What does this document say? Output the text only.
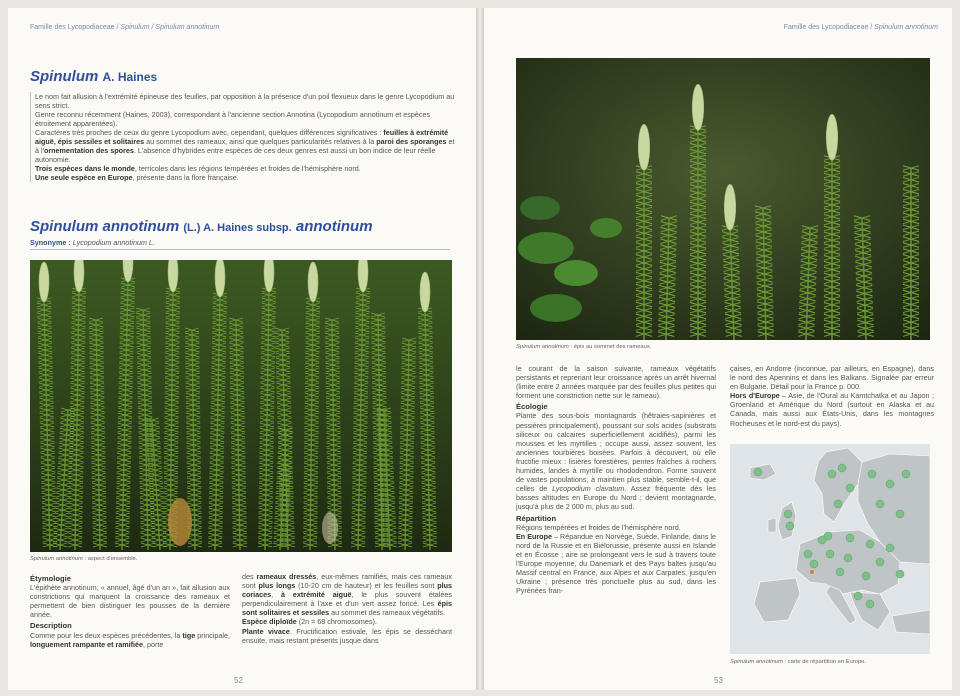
Famille des Lycopodiaceae / Spinulum / Spinulum annotinum
Spinulum A. Haines

Le nom fait allusion à l'extrémité épineuse des feuilles, par opposition à la présence d'un poil flexueux dans le genre Lycopodium au sens strict.

Genre reconnu récemment (Haines, 2003), correspondant à l'ancienne section Annotina (Lycopodium annotinum et espèces étroitement apparentées).

Caractères très proches de ceux du genre Lycopodium avec, cependant, quelques différences significatives : feuilles à extrémité aiguë, épis sessiles et solitaires au sommet des rameaux, ainsi que quelques particularités relatives à la paroi des sporanges et à l'ornementation des spores. L'absence d'hybrides entre espèces de ces deux genres est aussi un bon indice de leur réelle autonomie.

Trois espèces dans le monde, terricoles dans les régions tempérées et froides de l'hémisphère nord.

Une seule espèce en Europe, présente dans la flore française.

Spinulum annotinum (L.) A. Haines subsp. annotinum
Synonyme : Lycopodium annotinum L.
Spinulum annotinum : aspect d'ensemble.
Étymologie

L'épithète annotinum, « annuel, âgé d'un an », fait allusion aux constrictions qui marquent la croissance des rameaux et permettent de bien distinguer les pousses de la dernière année.

Description

Comme pour les deux espèces précédentes, la tige principale, longuement rampante et ramifiée, porte

des rameaux dressés, eux-mêmes ramifiés, mais ces rameaux sont plus longs (10-20 cm de hauteur) et les feuilles sont plus coriaces, à extrémité aiguë, le plus souvent étalées perpendiculairement à l'axe et d'un vert assez foncé. Les épis sont solitaires et sessiles au sommet des rameaux végétatifs.

Espèce diploïde (2n = 68 chromosomes).

Plante vivace. Fructification estivale, les épis se desséchant ensuite, mais restant présents jusque dans

52
Famille des Lycopodiaceae / Spinulum annotinum
Spinulum annotinum : épis au sommet des rameaux.

le courant de la saison suivante, rameaux végétatifs persistants et reprenant leur croissance après un arrêt hivernal (limite entre 2 années marquée par des feuilles plus petites qui forment une constriction nette sur le rameau).

Écologie

Plante des sous-bois montagnards (hêtraies-sapinières et pessières principalement), poussant sur sols acides (substrats siliceux ou calcaires superficiellement acidifiés), parmi les mousses et les myrtilles ; occupe aussi, assez souvent, les anciennes tourbières boisées. Parfois à découvert, où elle fructifie mieux : lisières forestières, pentes fraîches à rochers humides, landes à myrtille ou rhododendron. Forme souvent de vastes populations, à maintien plus stable, semble-t-il, que celles de Lycopodium clavatum. Assez fréquente dès les basses altitudes en Europe du Nord ; devient montagnarde, jusqu'à plus de 2 000 m, plus au sud.

Répartition

Régions tempérées et froides de l'hémisphère nord.

En Europe – Répandue en Norvège, Suède, Finlande, dans le nord de la Russie et en Biélorussie, présente aussi en Islande et en Écosse ; aire se prolongeant vers le sud à travers toute l'Europe moyenne, du Danemark et des Pays baltes jusqu'au Massif central en France, aux Alpes et aux Carpates, jusqu'en Ukraine ; présence très ponctuelle plus au sud, dans les Pyrénées fran-

çaises, en Andorre (inconnue, par ailleurs, en Espagne), dans le nord des Apennins et dans les Balkans. Signalée par erreur en Bulgarie. Détail pour la France p. 000.

Hors d'Europe – Asie, de l'Oural au Kamtchatka et au Japon ; Groenland et Amérique du Nord (surtout en Alaska et au Canada, mais aussi aux États-Unis, dans les montagnes Rocheuses et le nord-est du pays).

Spinulum annotinum : carte de répartition en Europe.
53
